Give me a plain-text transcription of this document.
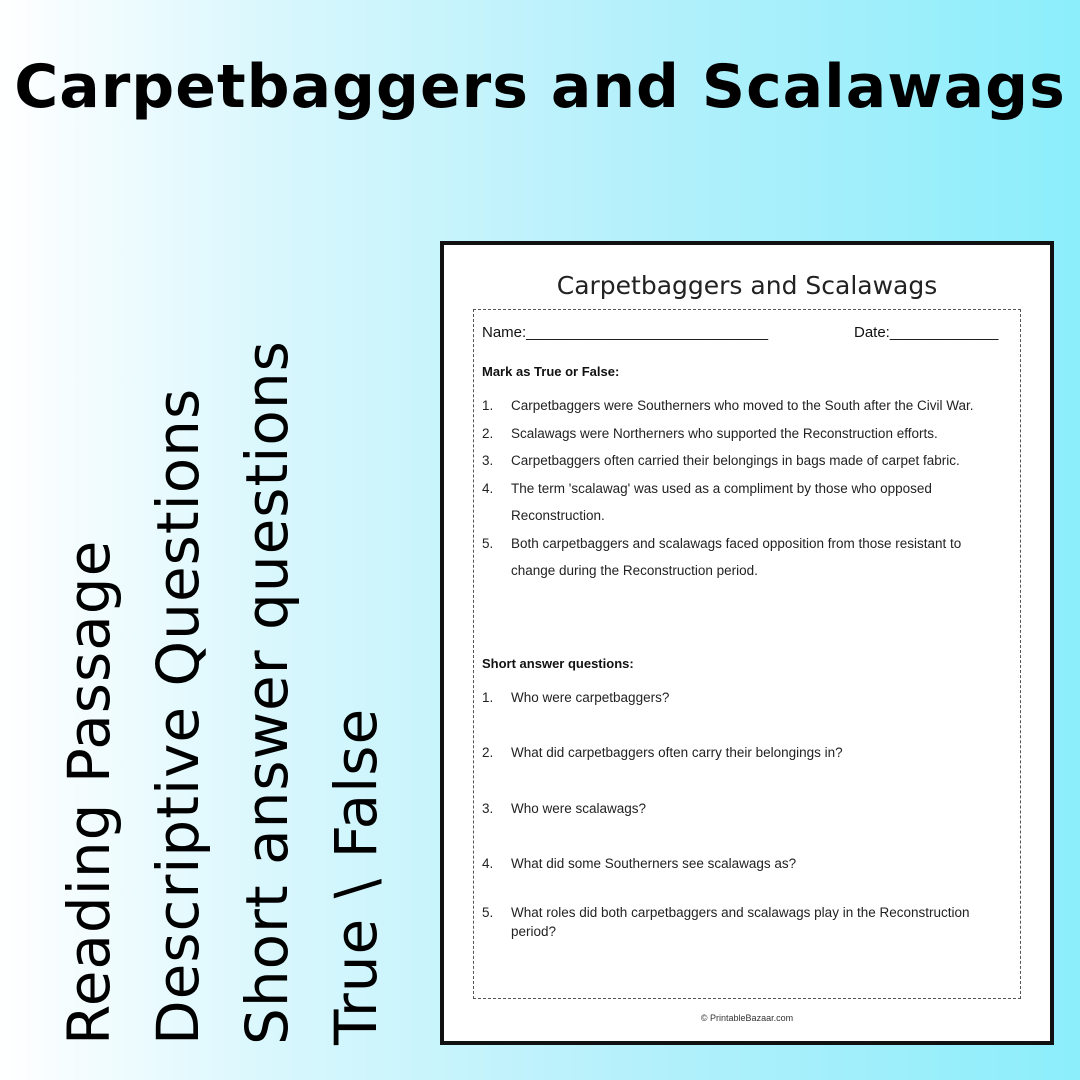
Carpetbaggers and Scalawags
Reading Passage Descriptive Questions Short answer questions True \ False
Carpetbaggers and Scalawags
Name:_____________________________	Date:_____________
Mark as True or False:
1. Carpetbaggers were Southerners who moved to the South after the Civil War.
2. Scalawags were Northerners who supported the Reconstruction efforts.
3. Carpetbaggers often carried their belongings in bags made of carpet fabric.
4. The term 'scalawag' was used as a compliment by those who opposed Reconstruction.
5. Both carpetbaggers and scalawags faced opposition from those resistant to change during the Reconstruction period.
Short answer questions:
1. Who were carpetbaggers?
2. What did carpetbaggers often carry their belongings in?
3. Who were scalawags?
4. What did some Southerners see scalawags as?
5. What roles did both carpetbaggers and scalawags play in the Reconstruction period?
© PrintableBazaar.com
